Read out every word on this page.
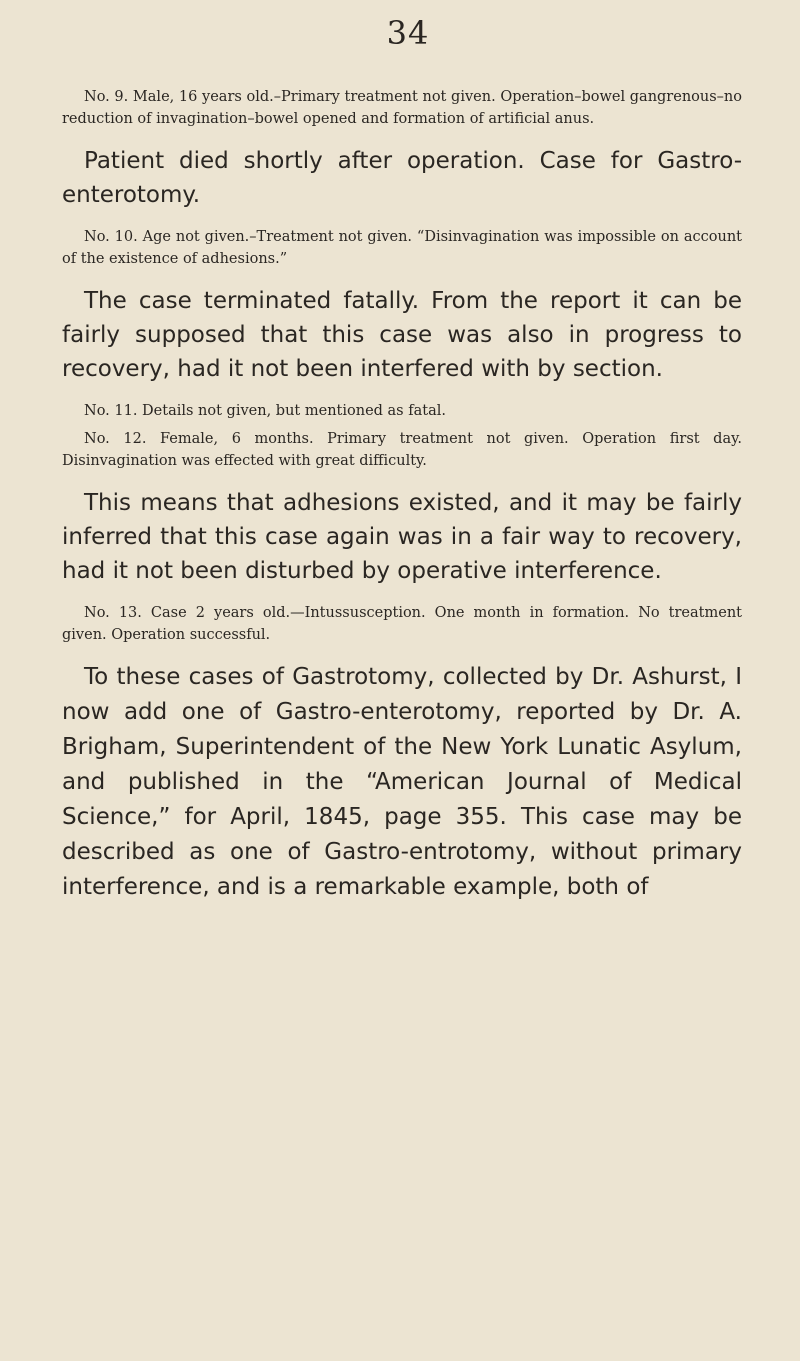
34

No. 9. Male, 16 years old.–Primary treatment not given. Operation–bowel gangrenous–no reduction of invagination–bowel opened and formation of artificial anus.

Patient died shortly after operation. Case for Gastro-enterotomy.

No. 10. Age not given.–Treatment not given. “Disinvagination was impossible on account of the existence of adhesions.”

The case terminated fatally. From the report it can be fairly supposed that this case was also in progress to recovery, had it not been interfered with by section.

No. 11. Details not given, but mentioned as fatal.

No. 12. Female, 6 months. Primary treatment not given. Operation first day. Disinvagination was effected with great difficulty.

This means that adhesions existed, and it may be fairly inferred that this case again was in a fair way to recovery, had it not been disturbed by operative interference.

No. 13. Case 2 years old.—Intussusception. One month in formation. No treatment given. Operation successful.

To these cases of Gastrotomy, collected by Dr. Ashurst, I now add one of Gastro-enterotomy, reported by Dr. A. Brigham, Superintendent of the New York Lunatic Asylum, and published in the “American Journal of Medical Science,” for April, 1845, page 355. This case may be described as one of Gastro-entrotomy, without primary interference, and is a remarkable example, both of
